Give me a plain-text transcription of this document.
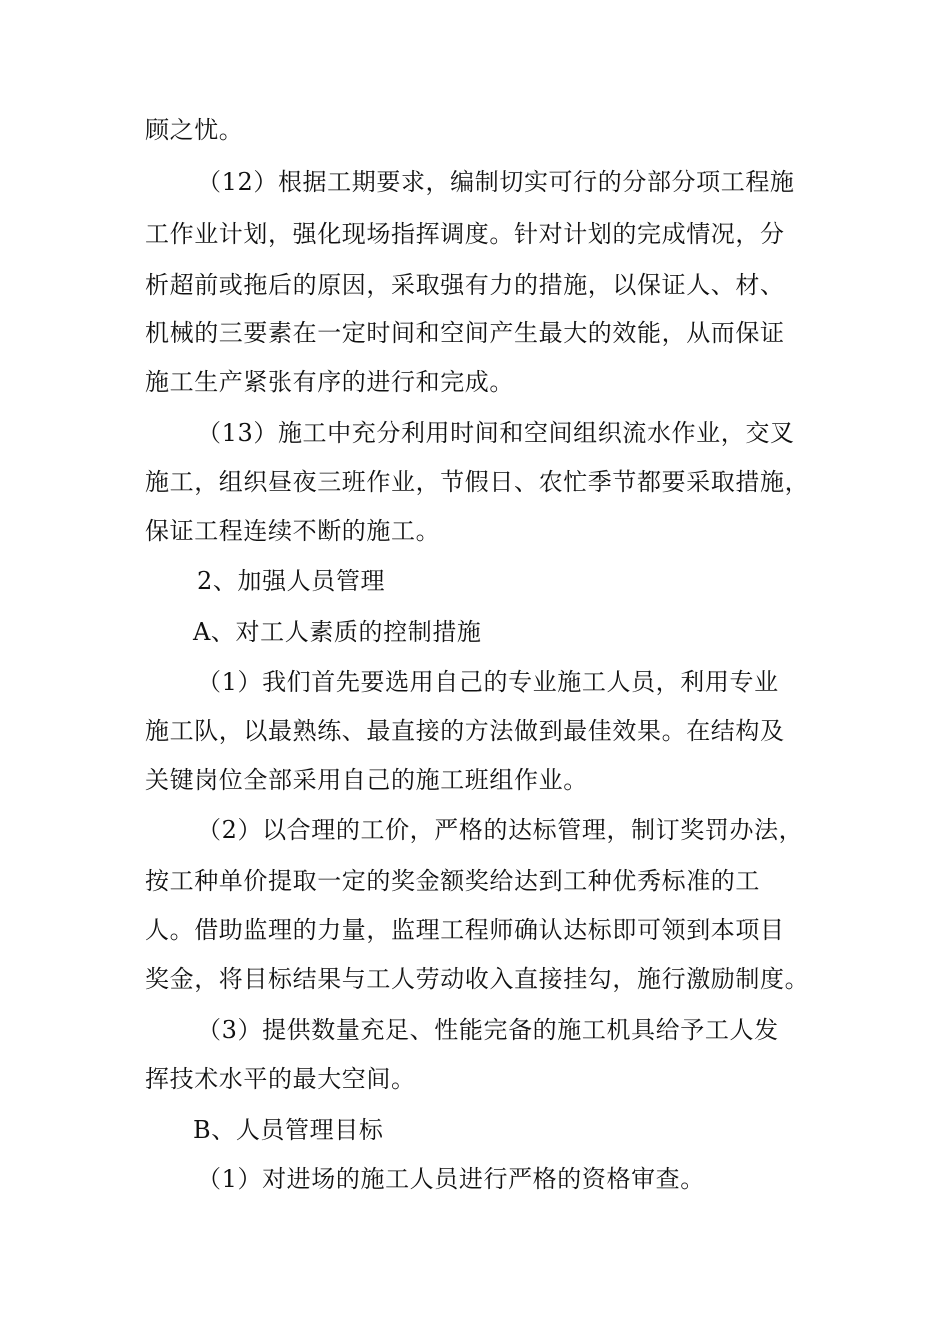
顾之忧。
（12）根据工期要求，编制切实可行的分部分项工程施
工作业计划，强化现场指挥调度。针对计划的完成情况，分
析超前或拖后的原因，采取强有力的措施，以保证人、材、
机械的三要素在一定时间和空间产生最大的效能，从而保证
施工生产紧张有序的进行和完成。
（13）施工中充分利用时间和空间组织流水作业，交叉
施工，组织昼夜三班作业，节假日、农忙季节都要采取措施，
保证工程连续不断的施工。
2、加强人员管理
A、对工人素质的控制措施
（1）我们首先要选用自己的专业施工人员，利用专业
施工队，以最熟练、最直接的方法做到最佳效果。在结构及
关键岗位全部采用自己的施工班组作业。
（2）以合理的工价，严格的达标管理，制订奖罚办法，
按工种单价提取一定的奖金额奖给达到工种优秀标准的工
人。借助监理的力量，监理工程师确认达标即可领到本项目
奖金，将目标结果与工人劳动收入直接挂勾，施行激励制度。
（3）提供数量充足、性能完备的施工机具给予工人发
挥技术水平的最大空间。
B、人员管理目标
（1）对进场的施工人员进行严格的资格审查。
